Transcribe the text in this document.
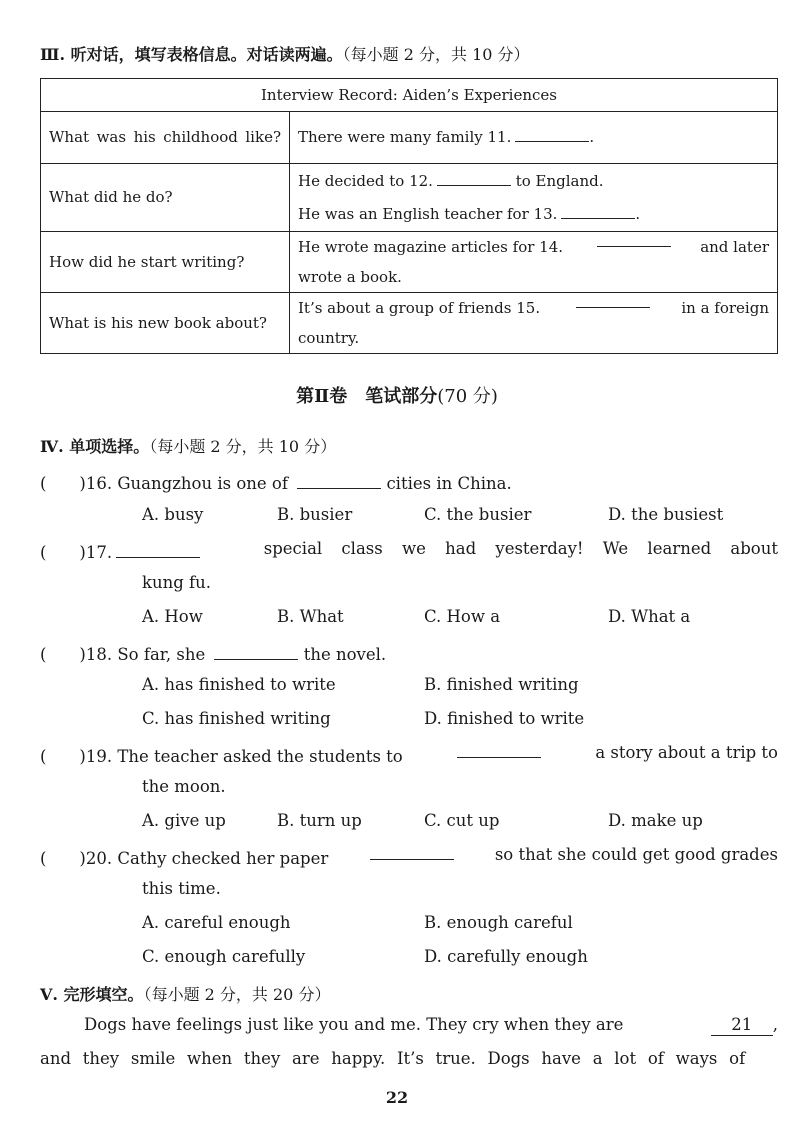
Ⅲ. 听对话，填写表格信息。对话读两遍。（每小题 2 分，共 10 分）
Interview Record: Aiden’s Experiences	

What was his childhood like?	There were many family 11. .
What did he do?	He decided to 12. to England.
He was an English teacher for 13. .

How did he start writing?	He wrote magazine articles for 14. and later
wrote a book.

What is his new book about?	It’s about a group of friends 15. in a foreign
country.
第Ⅱ卷　笔试部分(70 分)
Ⅳ. 单项选择。（每小题 2 分，共 10 分）
(　　)16. Guangzhou is one of	cities in China.
A. busy	B. busier	C. the busier	D. the busiest
(　　)17.	special class we had yesterday! We learned about
kung fu.
A. How	B. What	C. How a	D. What a
(　　)18. So far, she	the novel.
A. has finished to write	B. finished writing
C. has finished writing	D. finished to write
(　　)19. The teacher asked the students to	a story about a trip to
the moon.
A. give up	B. turn up	C. cut up	D. make up
(　　)20. Cathy checked her paper	so that she could get good grades
this time.
A. careful enough	B. enough careful
C. enough carefully	D. carefully enough
Ⅴ. 完形填空。（每小题 2 分，共 20 分）
Dogs have feelings just like you and me. They cry when they are	21 ,
and they smile when they are happy. It’s true. Dogs have a lot of ways of
22
